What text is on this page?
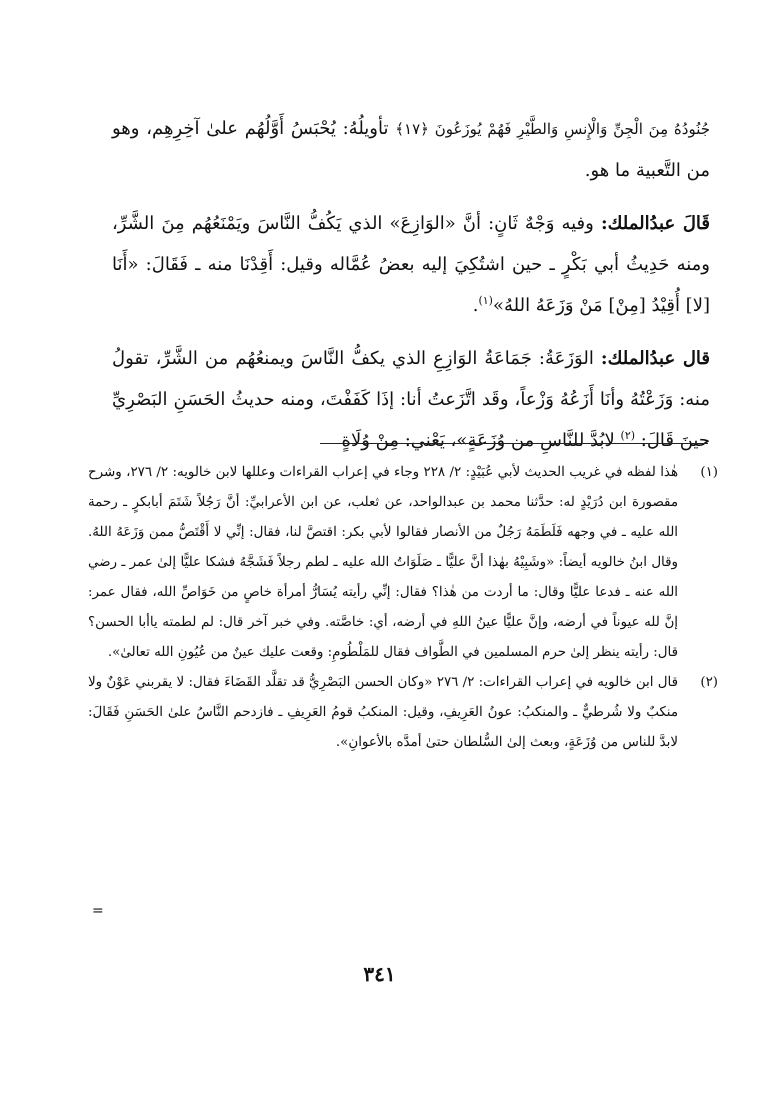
جُنُودُهُ مِنَ الْجِنِّ وَالْإِنسِ وَالطَّيْرِ فَهُمْ يُوزَعُونَ ﴿١٧﴾ تأويلُهُ: يُحْبَسُ أَوَّلُهُم علىٰ آخِرِهِم، وهو من التَّعبية ما هو.

قَالَ عبدُالملك: وفيه وَجْهٌ ثَانٍ: أنَّ «الوَازِعَ» الذي يَكُفُّ النَّاسَ ويَمْنَعُهُم مِنَ الشَّرِّ، ومنه حَدِيثُ أبي بَكْرٍ ـ حين اشتُكِيَ إليه بعضُ عُمَّاله وقيل: أَقِدْنَا منه ـ فَقَالَ: «أَنَا [لا] أُقِيْدُ [مِنْ] مَنْ وَزَعَهُ اللهُ»$^{(١)}$.

قال عبدُالملك: الوَزَعَةُ: جَمَاعَةُ الوَازِعِ الذي يكفُّ النَّاسَ ويمنعُهُم من الشَّرِّ، تقولُ منه: وَزَعْتُهُ وأنَا أَزَعُهُ وَزْعاً، وقَد اتَّزَعتُ أنا: إذَا كَفَفْتَ، ومنه حديثُ الحَسَنِ البَصْرِيِّ حينَ قَالَ: $^{(٢)}$ لابُدَّ للنَّاسِ من وُزَعَةٍ»، يَعْني: مِنْ وُلَاةٍ

(١)
هٰذا لفظه في غريب الحديث لأبي عُبَيْدٍ: ٢/ ٢٢٨ وجاء في إعراب القراءات وعللها لابن خالويه: ٢/ ٢٧٦، وشرح مقصورة ابن دُرَيْدٍ له: حدَّثنا محمد بن عبدالواحد، عن ثعلب، عن ابن الأعرابيِّ: أنَّ رَجُلاً شَتَمَ أبابكرٍ ـ رحمة الله عليه ـ في وجهه فَلَطَمَهُ رَجُلٌ من الأنصار فقالوا لأبي بكر: اقتصَّ لنا، فقال: إنِّي لا أَقْتَصُّ ممن وَزَعَهُ اللهُ. وقال ابنُ خالويه أيضاً: «وشَبِيْهُ بهٰذا أنَّ عليًّا ـ صَلَوَاتُ الله عليه ـ لطم رجلاً فَشَجَّهُ فشكا عليًّا إلىٰ عمر ـ رضي الله عنه ـ فدعا عليًّا وقال: ما أردت من هٰذا؟ فقال: إنِّي رأيته يُسَارُّ أمرأة خاصٍ من خَوَاصِّ الله، فقال عمر: إنَّ لله عيوناً في أرضه، وإنَّ عليًّا عينُ اللهِ في أرضه، أي: خاصَّته. وفي خبر آخر قال: لم لطمته ياأبا الحسن؟ قال: رأيته ينظر إلىٰ حرم المسلمين في الطَّواف فقال للمَلْطُومِ: وقعت عليك عينٌ من عُيُونِ الله تعالىٰ».

(٢)
قال ابن خالويه في إعراب القراءات: ٢/ ٢٧٦ «وكان الحسن البَصْرِيُّ قد تقلَّد القَضَاءَ فقال: لا يقربني عَوْنٌ ولا منكبٌ ولا شُرطيٌّ ـ والمنكبُ: عونُ العَرِيفِ، وقيل: المنكبُ قومُ العَرِيفِ ـ فازدحم النَّاسُ علىٰ الحَسَنِ فَقَالَ: لابدَّ للناس من وُزَعَةٍ، وبعث إلىٰ السُّلطان حتىٰ أمدَّه بالأعوانِ».

=
٣٤١
